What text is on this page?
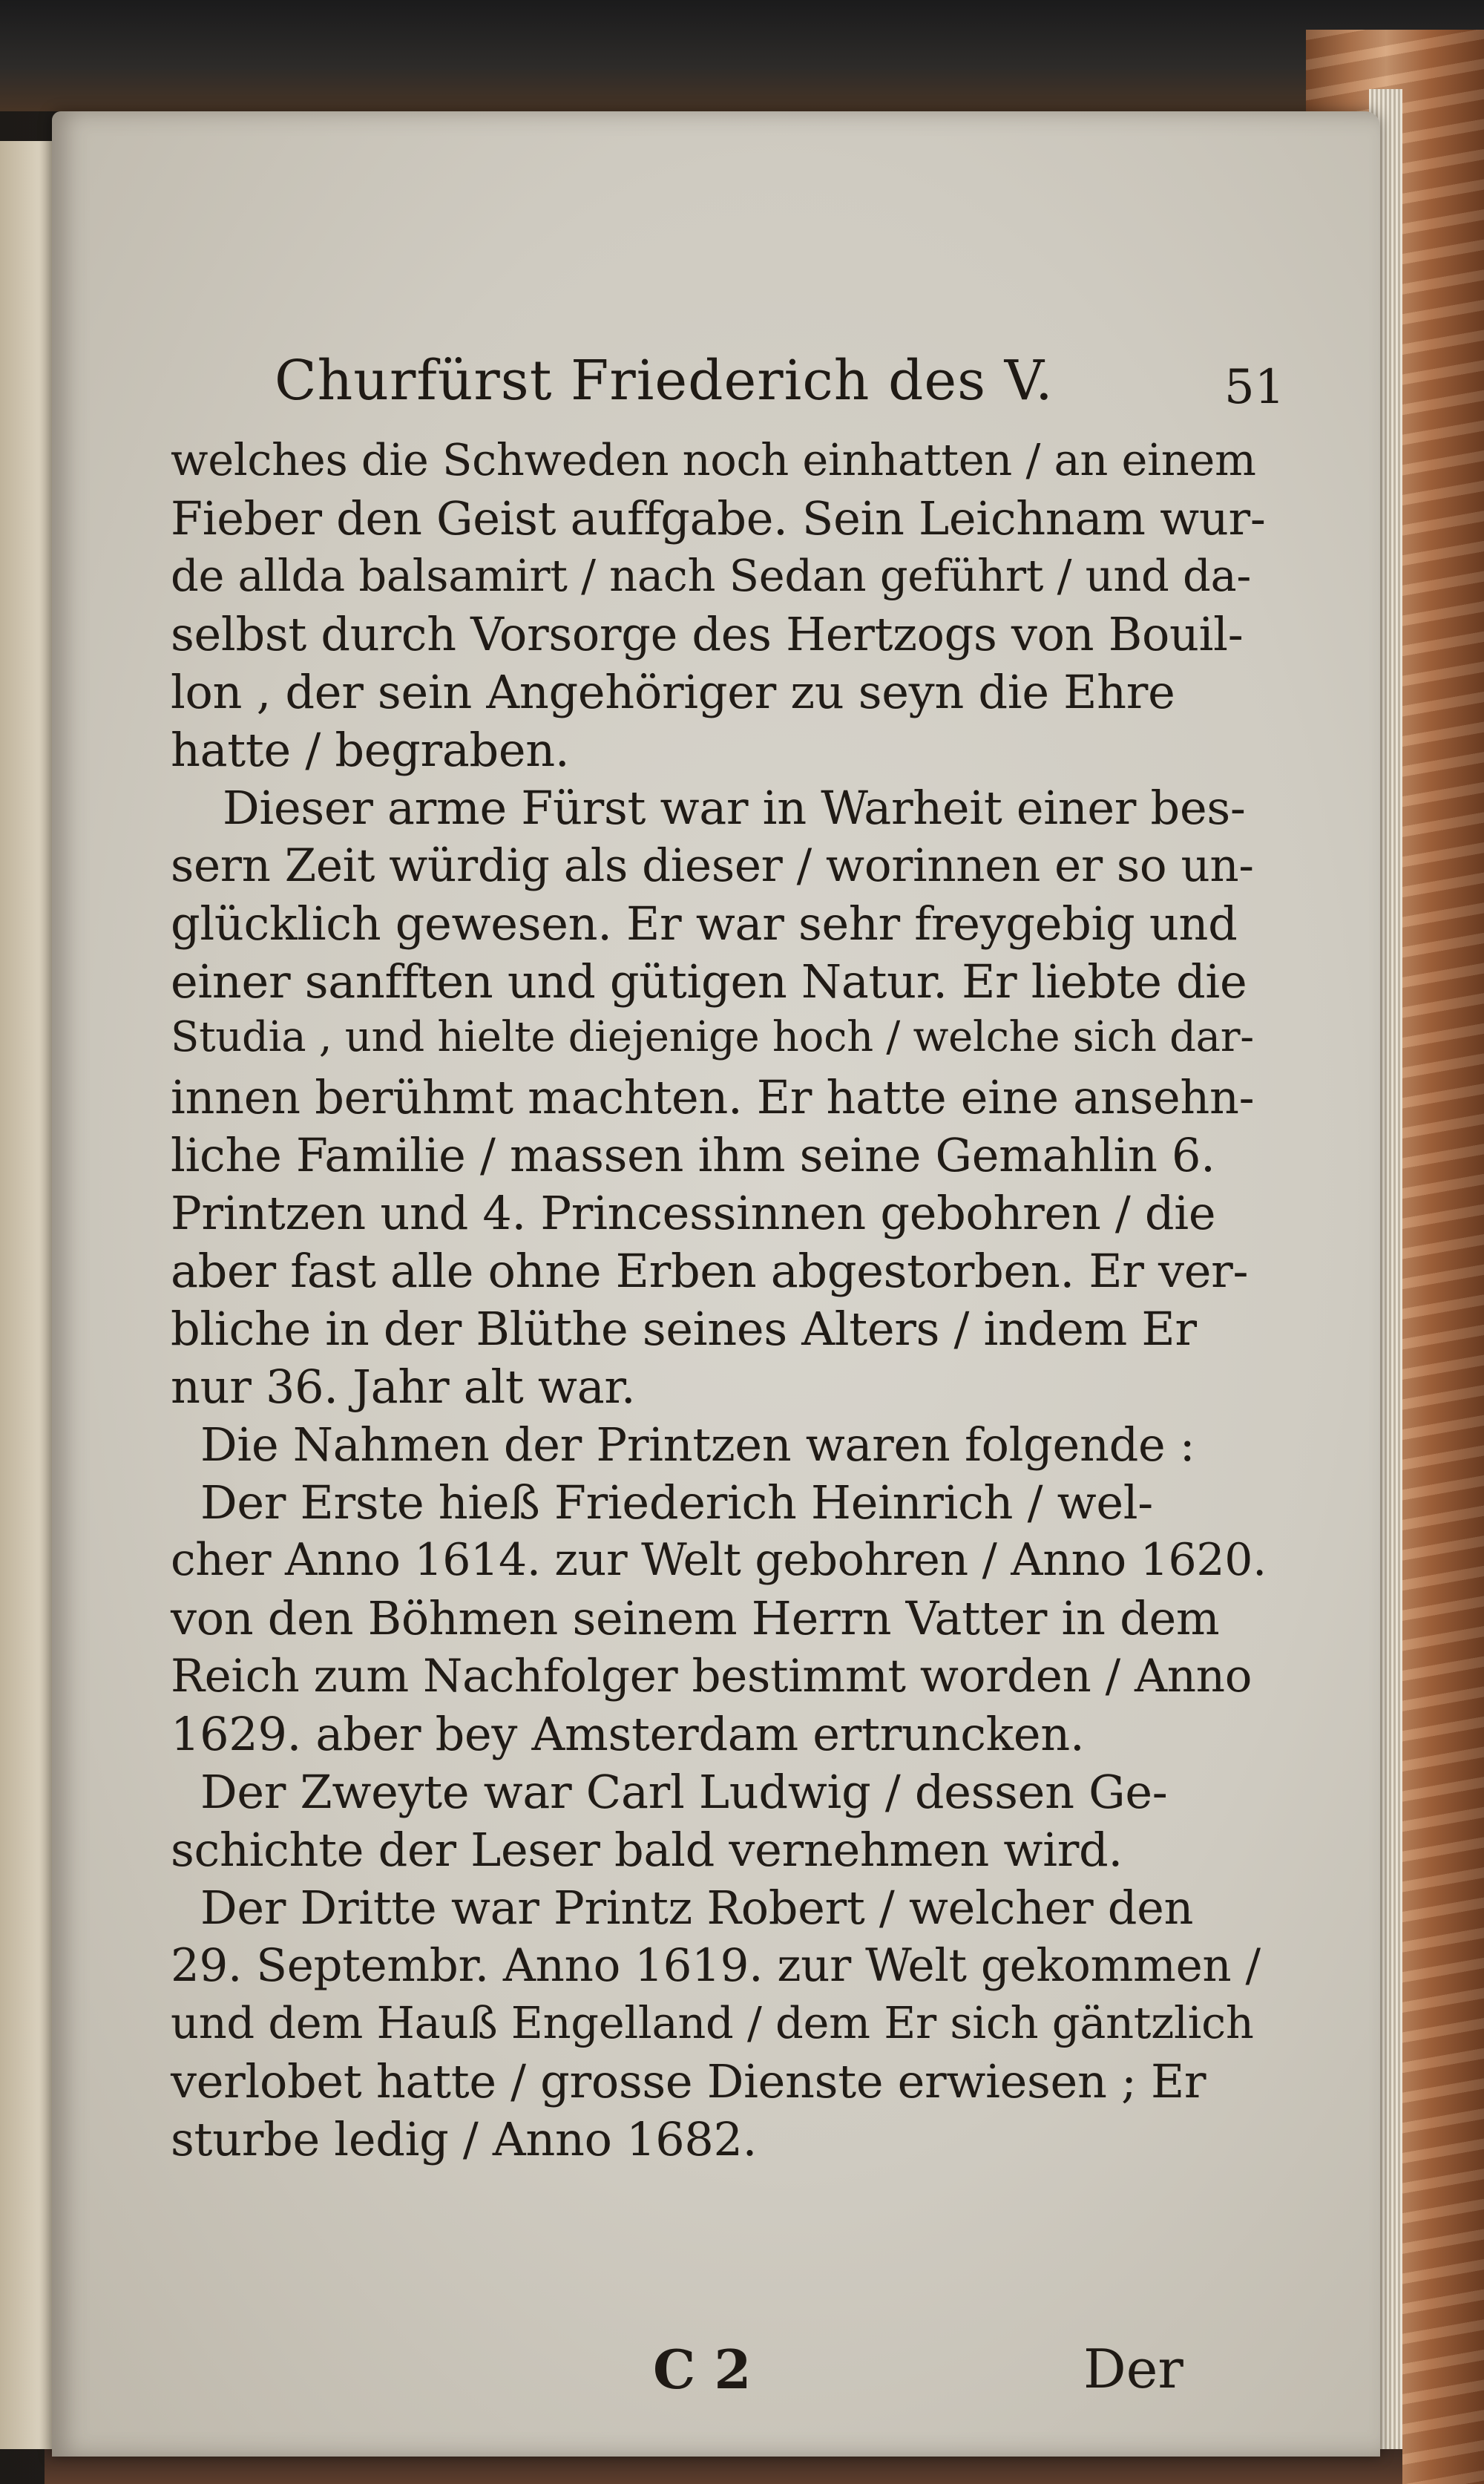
Churfürst Friederich des V.	51
welches die Schweden noch einhatten / an einem
Fieber den Geist auffgabe. Sein Leichnam wur-
de allda balsamirt / nach Sedan geführt / und da-
selbst durch Vorsorge des Hertzogs von Bouil-
lon , der sein Angehöriger zu seyn die Ehre
hatte / begraben.
Dieser arme Fürst war in Warheit einer bes-
sern Zeit würdig als dieser / worinnen er so un-
glücklich gewesen. Er war sehr freygebig und
einer sanfften und gütigen Natur. Er liebte die
Studia , und hielte diejenige hoch / welche sich dar-
innen berühmt machten. Er hatte eine ansehn-
liche Familie / massen ihm seine Gemahlin 6.
Printzen und 4. Princessinnen gebohren / die
aber fast alle ohne Erben abgestorben. Er ver-
bliche in der Blüthe seines Alters / indem Er
nur 36. Jahr alt war.
Die Nahmen der Printzen waren folgende :
Der Erste hieß Friederich Heinrich / wel-
cher Anno 1614. zur Welt gebohren / Anno 1620.
von den Böhmen seinem Herrn Vatter in dem
Reich zum Nachfolger bestimmt worden / Anno
1629. aber bey Amsterdam ertruncken.
Der Zweyte war Carl Ludwig / dessen Ge-
schichte der Leser bald vernehmen wird.
Der Dritte war Printz Robert / welcher den
29. Septembr. Anno 1619. zur Welt gekommen /
und dem Hauß Engelland / dem Er sich gäntzlich
verlobet hatte / grosse Dienste erwiesen ; Er
sturbe ledig / Anno 1682.
C 2	Der
